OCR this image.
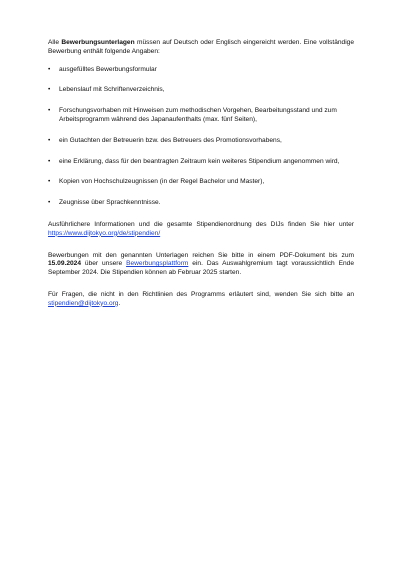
Alle Bewerbungsunterlagen müssen auf Deutsch oder Englisch eingereicht werden. Eine vollständige Bewerbung enthält folgende Angaben:

• ausgefülltes Bewerbungsformular
• Lebenslauf mit Schriftenverzeichnis,
• Forschungsvorhaben mit Hinweisen zum methodischen Vorgehen, Bearbeitungsstand und zum Arbeitsprogramm während des Japanaufenthalts (max. fünf Seiten),
• ein Gutachten der Betreuerin bzw. des Betreuers des Promotionsvorhabens,
• eine Erklärung, dass für den beantragten Zeitraum kein weiteres Stipendium angenommen wird,
• Kopien von Hochschulzeugnissen (in der Regel Bachelor und Master),
• Zeugnisse über Sprachkenntnisse.

Ausführlichere Informationen und die gesamte Stipendienordnung des DIJs finden Sie hier unter https://www.dijtokyo.org/de/stipendien/

Bewerbungen mit den genannten Unterlagen reichen Sie bitte in einem PDF-Dokument bis zum 15.09.2024 über unsere Bewerbungsplattform ein. Das Auswahlgremium tagt voraussichtlich Ende September 2024. Die Stipendien können ab Februar 2025 starten.

Für Fragen, die nicht in den Richtlinien des Programms erläutert sind, wenden Sie sich bitte an stipendien@dijtokyo.org.
